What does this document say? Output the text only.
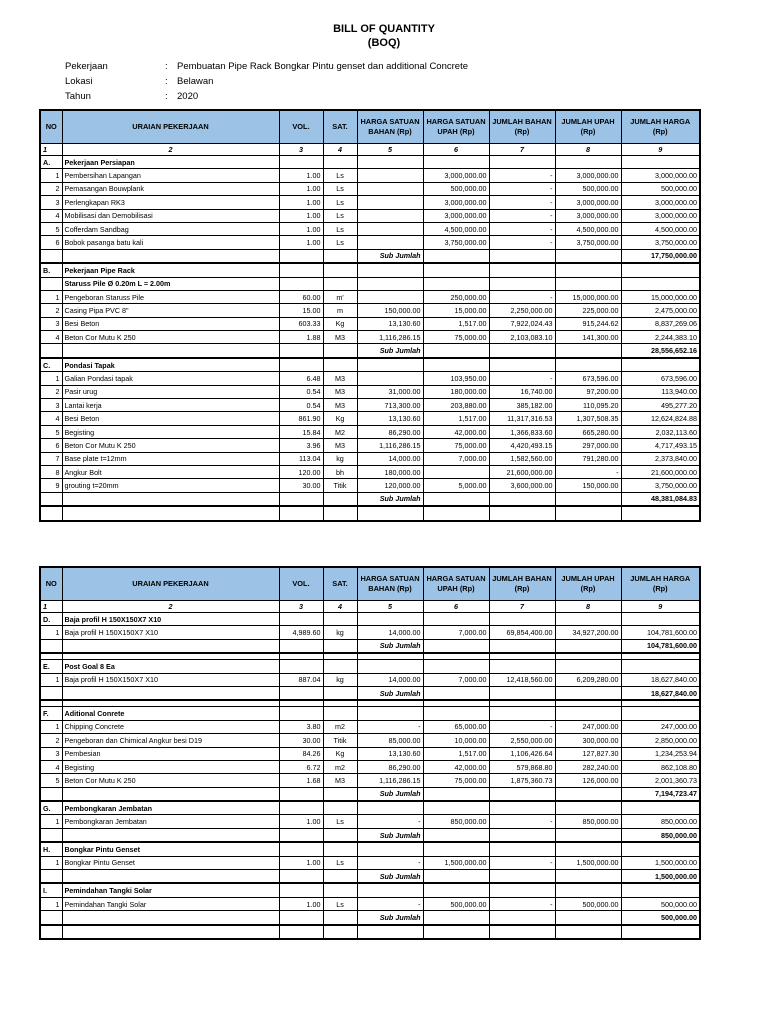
BILL OF QUANTITY
(BOQ)
Pekerjaan	:	Pembuatan Pipe Rack Bongkar Pintu genset dan additional Concrete
Lokasi	:	Belawan
Tahun	:	2020
NO	URAIAN PEKERJAAN	VOL.	SAT.	HARGA SATUAN BAHAN (Rp)	HARGA SATUAN UPAH (Rp)	JUMLAH BAHAN (Rp)	JUMLAH UPAH (Rp)	JUMLAH HARGA (Rp)
1	2	3	4	5	6	7	8	9
A.	Pekerjaan Persiapan							
1	Pembersihan Lapangan	1.00	Ls		3,000,000.00	-	3,000,000.00	3,000,000.00
2	Pemasangan Bouwplank	1.00	Ls		500,000.00	-	500,000.00	500,000.00
3	Perlengkapan RK3	1.00	Ls		3,000,000.00	-	3,000,000.00	3,000,000.00
4	Mobilisasi dan Demobilisasi	1.00	Ls		3,000,000.00	-	3,000,000.00	3,000,000.00
5	Cofferdam Sandbag	1.00	Ls		4,500,000.00	-	4,500,000.00	4,500,000.00
6	Bobok pasanga batu kali	1.00	Ls		3,750,000.00	-	3,750,000.00	3,750,000.00
				Sub Jumlah				17,750,000.00
B.	Pekerjaan Pipe Rack							
	Staruss Pile Ø 0.20m L = 2.00m							
1	Pengeboran Staruss Pile	60.00	m'		250,000.00	-	15,000,000.00	15,000,000.00
2	Casing Pipa PVC 8"	15.00	m	150,000.00	15,000.00	2,250,000.00	225,000.00	2,475,000.00
3	Besi Beton	603.33	Kg	13,130.60	1,517.00	7,922,024.43	915,244.62	8,837,269.06
4	Beton Cor Mutu K 250	1.88	M3	1,116,286.15	75,000.00	2,103,083.10	141,300.00	2,244,383.10
				Sub Jumlah				28,556,652.16
C.	Pondasi Tapak							
1	Galian Pondasi tapak	6.48	M3		103,950.00	-	673,596.00	673,596.00
2	Pasir urug	0.54	M3	31,000.00	180,000.00	16,740.00	97,200.00	113,940.00
3	Lantai kerja	0.54	M3	713,300.00	203,880.00	385,182.00	110,095.20	495,277.20
4	Besi Beton	861.90	Kg	13,130.60	1,517.00	11,317,316.53	1,307,508.35	12,624,824.88
5	Begisting	15.84	M2	86,290.00	42,000.00	1,366,833.60	665,280.00	2,032,113.60
6	Beton Cor Mutu K 250	3.96	M3	1,116,286.15	75,000.00	4,420,493.15	297,000.00	4,717,493.15
7	Base plate t=12mm	113.04	kg	14,000.00	7,000.00	1,582,560.00	791,280.00	2,373,840.00
8	Angkur Bolt	120.00	bh	180,000.00		21,600,000.00	-	21,600,000.00
9	grouting t=20mm	30.00	Titik	120,000.00	5,000.00	3,600,000.00	150,000.00	3,750,000.00
				Sub Jumlah				48,381,084.83

NO	URAIAN PEKERJAAN	VOL.	SAT.	HARGA SATUAN BAHAN (Rp)	HARGA SATUAN UPAH (Rp)	JUMLAH BAHAN (Rp)	JUMLAH UPAH (Rp)	JUMLAH HARGA (Rp)
1	2	3	4	5	6	7	8	9
D.	Baja profil H 150X150X7 X10							
1	Baja profil H 150X150X7 X10	4,989.60	kg	14,000.00	7,000.00	69,854,400.00	34,927,200.00	104,781,600.00
				Sub Jumlah				104,781,600.00

E.	Post Goal 8 Ea							
1	Baja profil H 150X150X7 X10	887.04	kg	14,000.00	7,000.00	12,418,560.00	6,209,280.00	18,627,840.00
				Sub Jumlah				18,627,840.00

F.	Aditional Conrete							
1	Chipping Concrete	3.80	m2	-	65,000.00	-	247,000.00	247,000.00
2	Pengeboran dan Chimical Angkur besi D19	30.00	Titik	85,000.00	10,000.00	2,550,000.00	300,000.00	2,850,000.00
3	Pembesian	84.26	Kg	13,130.60	1,517.00	1,106,426.64	127,827.30	1,234,253.94
4	Begisting	6.72	m2	86,290.00	42,000.00	579,868.80	282,240.00	862,108.80
5	Beton Cor Mutu K 250	1.68	M3	1,116,286.15	75,000.00	1,875,360.73	126,000.00	2,001,360.73
				Sub Jumlah				7,194,723.47
G.	Pembongkaran Jembatan							
1	Pembongkaran Jembatan	1.00	Ls	-	850,000.00	-	850,000.00	850,000.00
				Sub Jumlah				850,000.00
H.	Bongkar Pintu Genset							
1	Bongkar Pintu Genset	1.00	Ls	-	1,500,000.00	-	1,500,000.00	1,500,000.00
				Sub Jumlah				1,500,000.00
I.	Pemindahan Tangki Solar							
1	Pemindahan Tangki Solar	1.00	Ls	-	500,000.00	-	500,000.00	500,000.00
				Sub Jumlah				500,000.00
